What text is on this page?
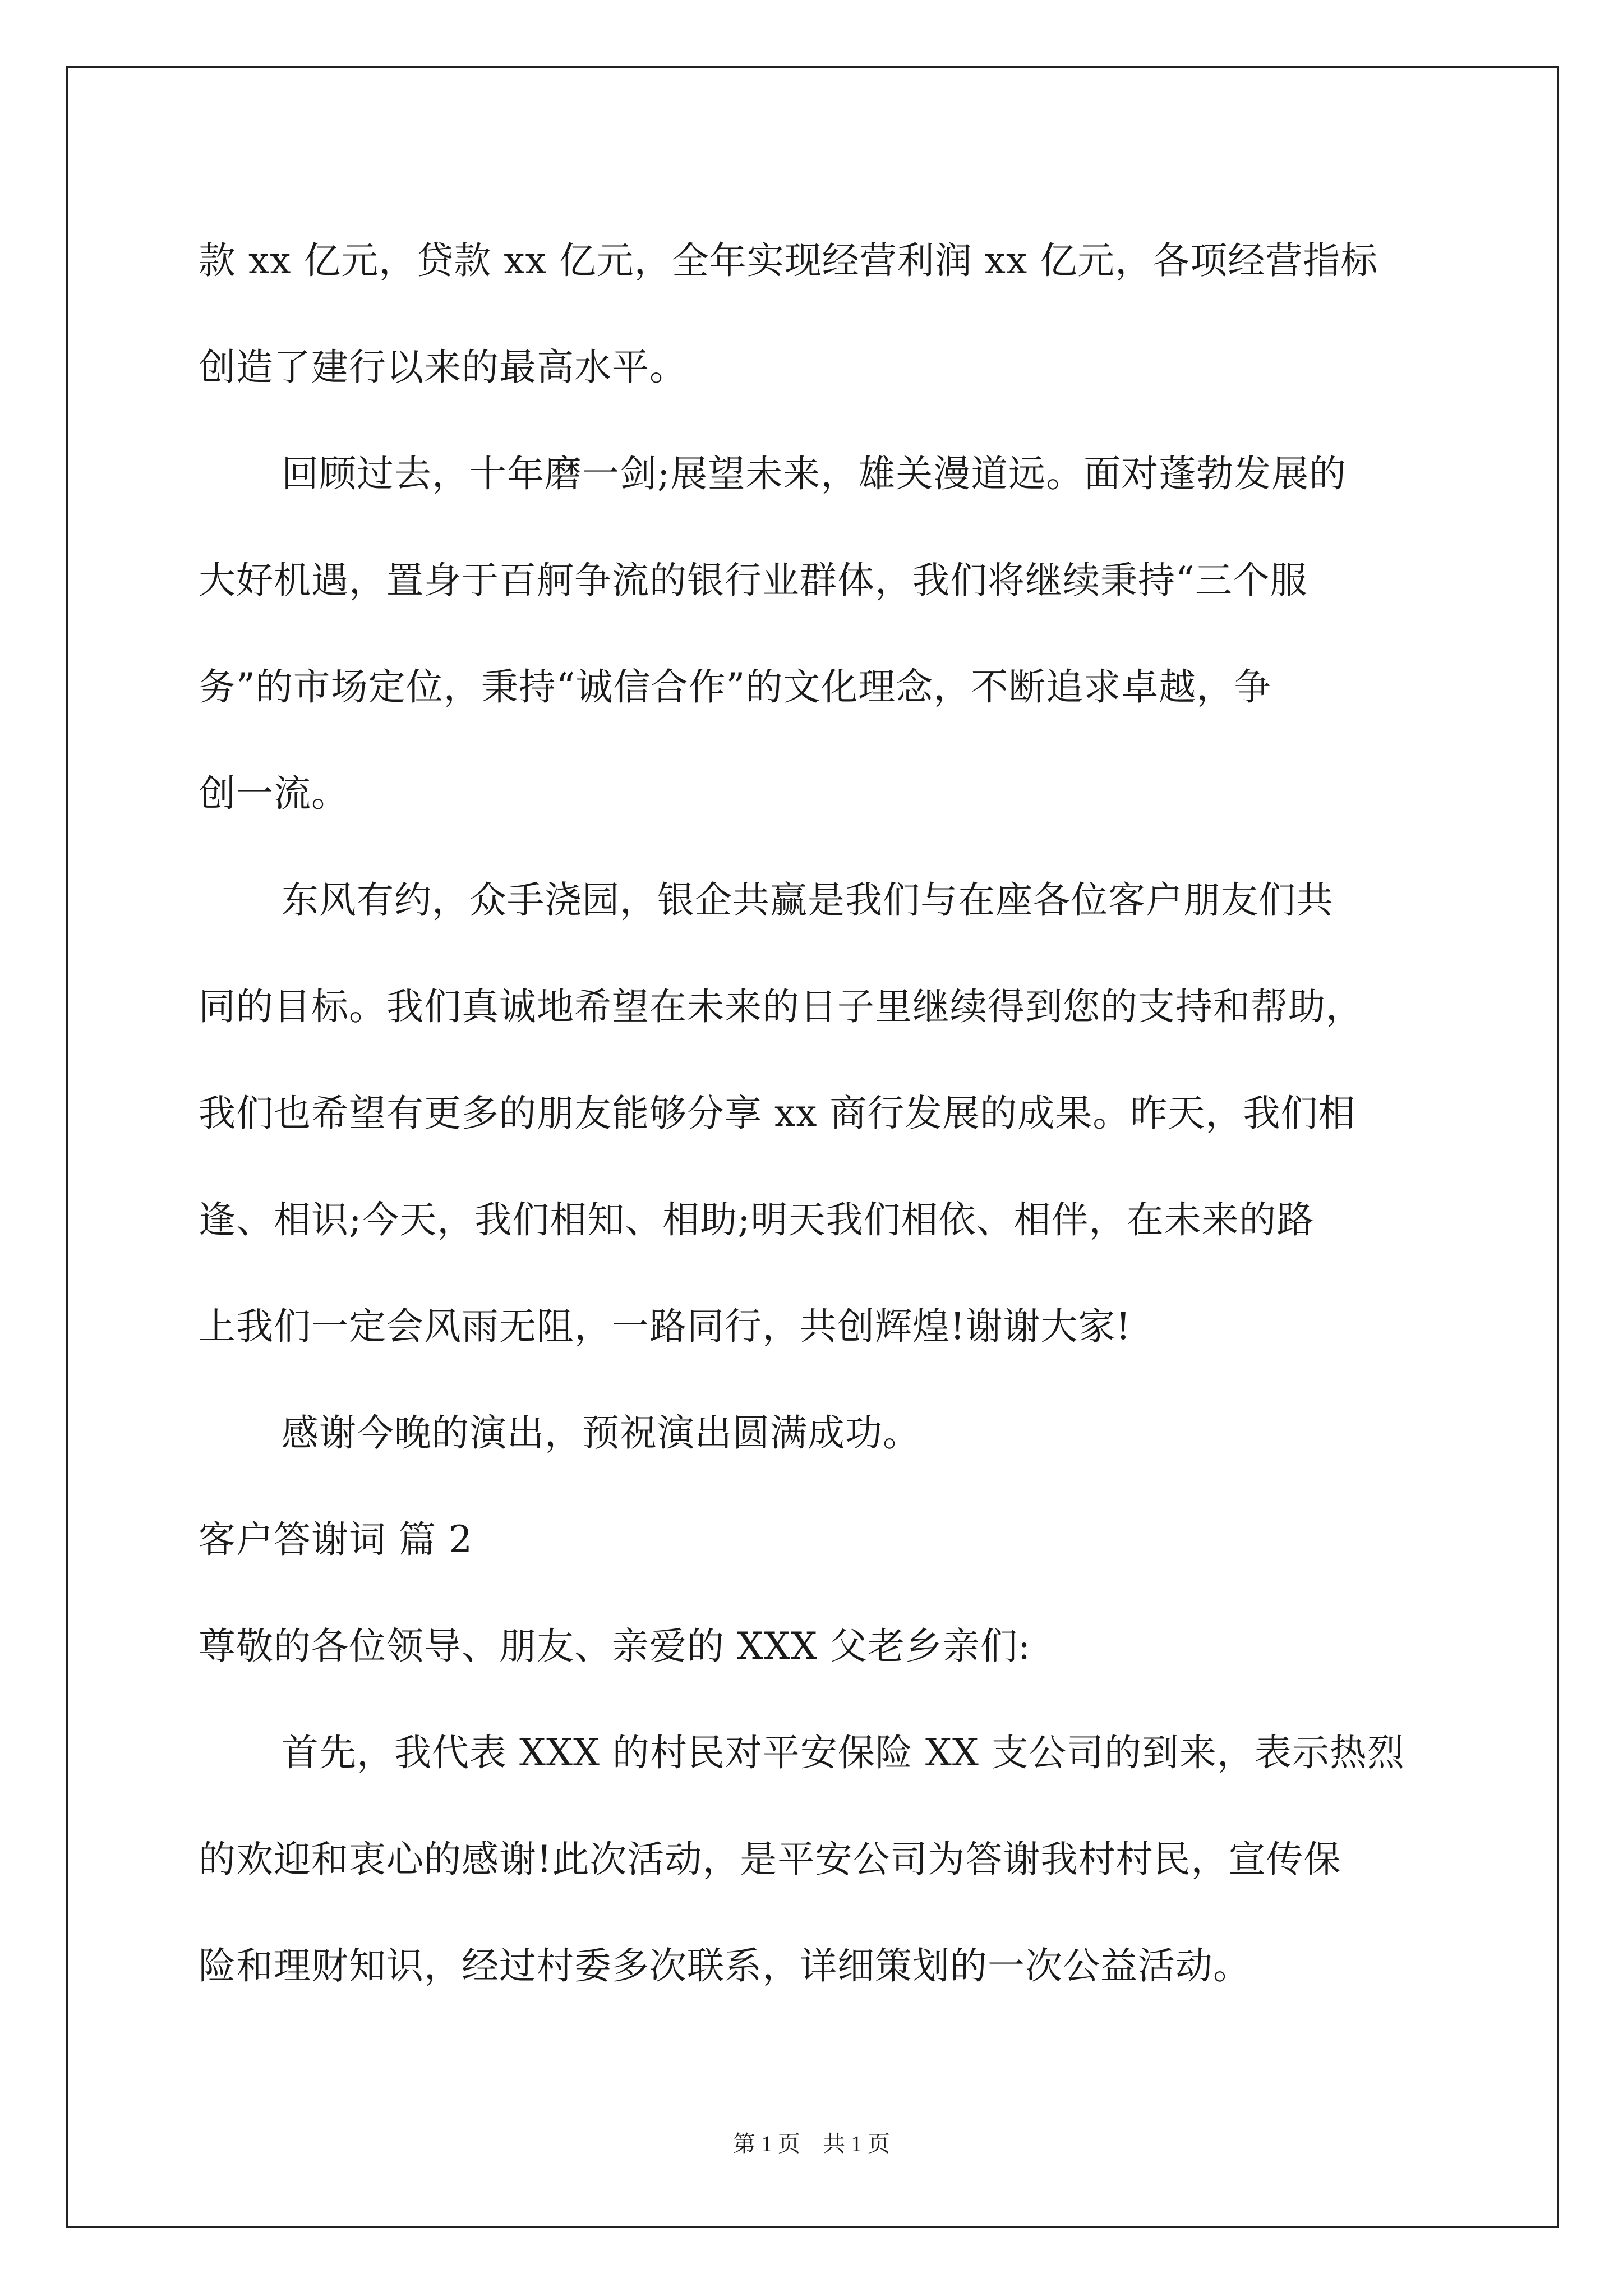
款 xx 亿元，贷款 xx 亿元，全年实现经营利润 xx 亿元，各项经营指标
创造了建行以来的最高水平。
回顾过去，十年磨一剑;展望未来，雄关漫道远。面对蓬勃发展的
大好机遇，置身于百舸争流的银行业群体，我们将继续秉持“三个服
务”的市场定位，秉持“诚信合作”的文化理念，不断追求卓越，争
创一流。
东风有约，众手浇园，银企共赢是我们与在座各位客户朋友们共
同的目标。我们真诚地希望在未来的日子里继续得到您的支持和帮助，
我们也希望有更多的朋友能够分享 xx 商行发展的成果。昨天，我们相
逢、相识;今天，我们相知、相助;明天我们相依、相伴，在未来的路
上我们一定会风雨无阻，一路同行，共创辉煌!谢谢大家!
感谢今晚的演出，预祝演出圆满成功。
客户答谢词 篇 2
尊敬的各位领导、朋友、亲爱的 XXX 父老乡亲们:
首先，我代表 XXX 的村民对平安保险 XX 支公司的到来，表示热烈
的欢迎和衷心的感谢!此次活动，是平安公司为答谢我村村民，宣传保
险和理财知识，经过村委多次联系，详细策划的一次公益活动。
第 1 页 共 1 页
